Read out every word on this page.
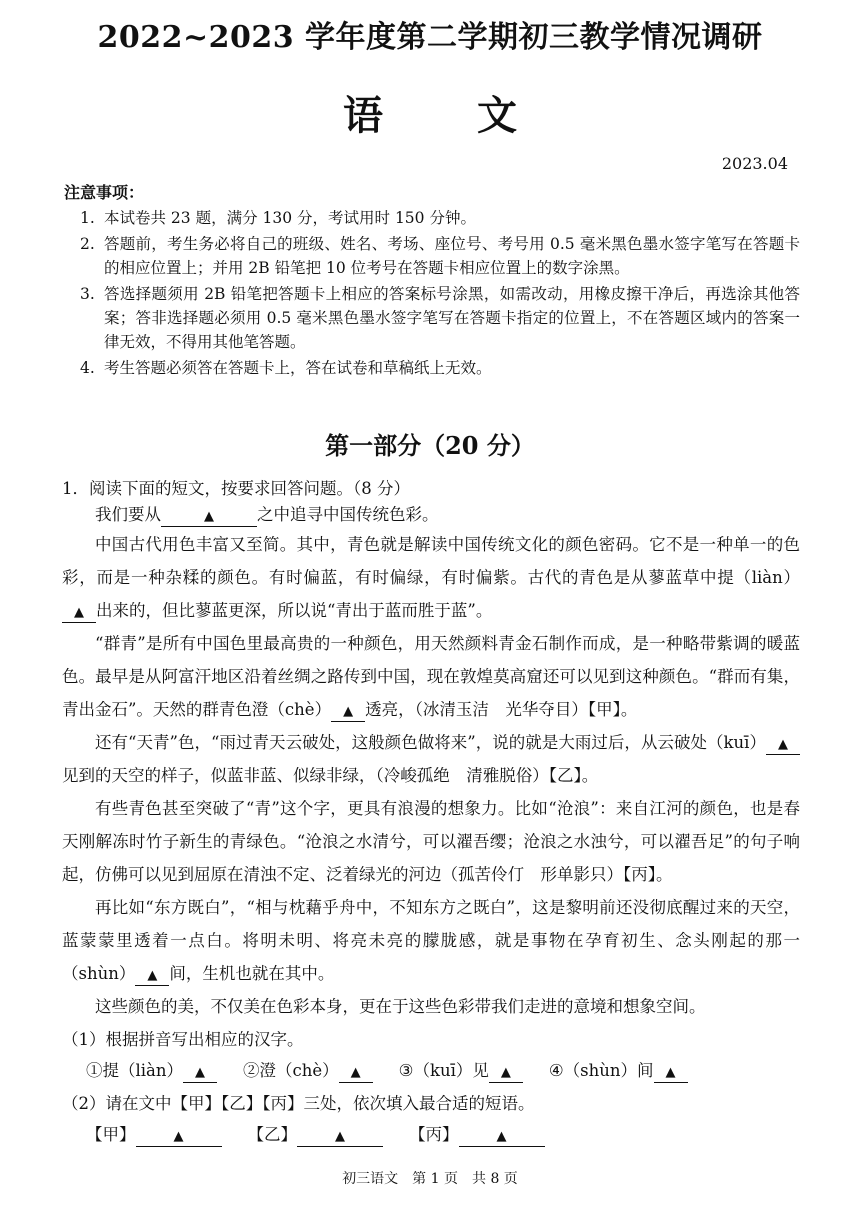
2022~2023 学年度第二学期初三教学情况调研
语 文
2023.04
注意事项：
1. 本试卷共 23 题，满分 130 分，考试用时 150 分钟。
2. 答题前，考生务必将自己的班级、姓名、考场、座位号、考号用 0.5 毫米黑色墨水签字笔写在答题卡的相应位置上；并用 2B 铅笔把 10 位考号在答题卡相应位置上的数字涂黑。
3. 答选择题须用 2B 铅笔把答题卡上相应的答案标号涂黑，如需改动，用橡皮擦干净后，再选涂其他答案；答非选择题必须用 0.5 毫米黑色墨水签字笔写在答题卡指定的位置上，不在答题区域内的答案一律无效，不得用其他笔答题。
4. 考生答题必须答在答题卡上，答在试卷和草稿纸上无效。
第一部分（20 分）
1．阅读下面的短文，按要求回答问题。（8 分）
我们要从	▲	之中追寻中国传统色彩。

中国古代用色丰富又至简。其中，青色就是解读中国传统文化的颜色密码。它不是一种单一的色彩，而是一种杂糅的颜色。有时偏蓝，有时偏绿，有时偏紫。古代的青色是从蓼蓝草中提（liàn）▲ 出来的，但比蓼蓝更深，所以说“青出于蓝而胜于蓝”。

“群青”是所有中国色里最高贵的一种颜色，用天然颜料青金石制作而成，是一种略带紫调的暖蓝色。最早是从阿富汗地区沿着丝绸之路传到中国，现在敦煌莫高窟还可以见到这种颜色。“群而有集，青出金石”。天然的群青色澄（chè） ▲ 透亮，（冰清玉洁　光华夺目）【甲】。

还有“天青”色，“雨过青天云破处，这般颜色做将来”，说的就是大雨过后，从云破处（kuī） ▲见到的天空的样子，似蓝非蓝、似绿非绿，（冷峻孤绝　清雅脱俗）【乙】。

有些青色甚至突破了“青”这个字，更具有浪漫的想象力。比如“沧浪”：来自江河的颜色，也是春天刚解冻时竹子新生的青绿色。“沧浪之水清兮，可以濯吾缨；沧浪之水浊兮，可以濯吾足”的句子响起，仿佛可以见到屈原在清浊不定、泛着绿光的河边（孤苦伶仃　形单影只）【丙】。

再比如“东方既白”，“相与枕藉乎舟中，不知东方之既白”，这是黎明前还没彻底醒过来的天空，蓝蒙蒙里透着一点白。将明未明、将亮未亮的朦胧感，就是事物在孕育初生、念头刚起的那一（shùn） ▲ 间，生机也就在其中。

这些颜色的美，不仅美在色彩本身，更在于这些色彩带我们走进的意境和想象空间。

（1）根据拼音写出相应的汉字。
①提（liàn） ▲	②澄（chè） ▲	③（kuī）见 ▲	④（shùn）间 ▲
（2）请在文中【甲】【乙】【丙】三处，依次填入最合适的短语。
【甲】	▲	【乙】	▲	【丙】	▲
初三语文　第 1 页　共 8 页
